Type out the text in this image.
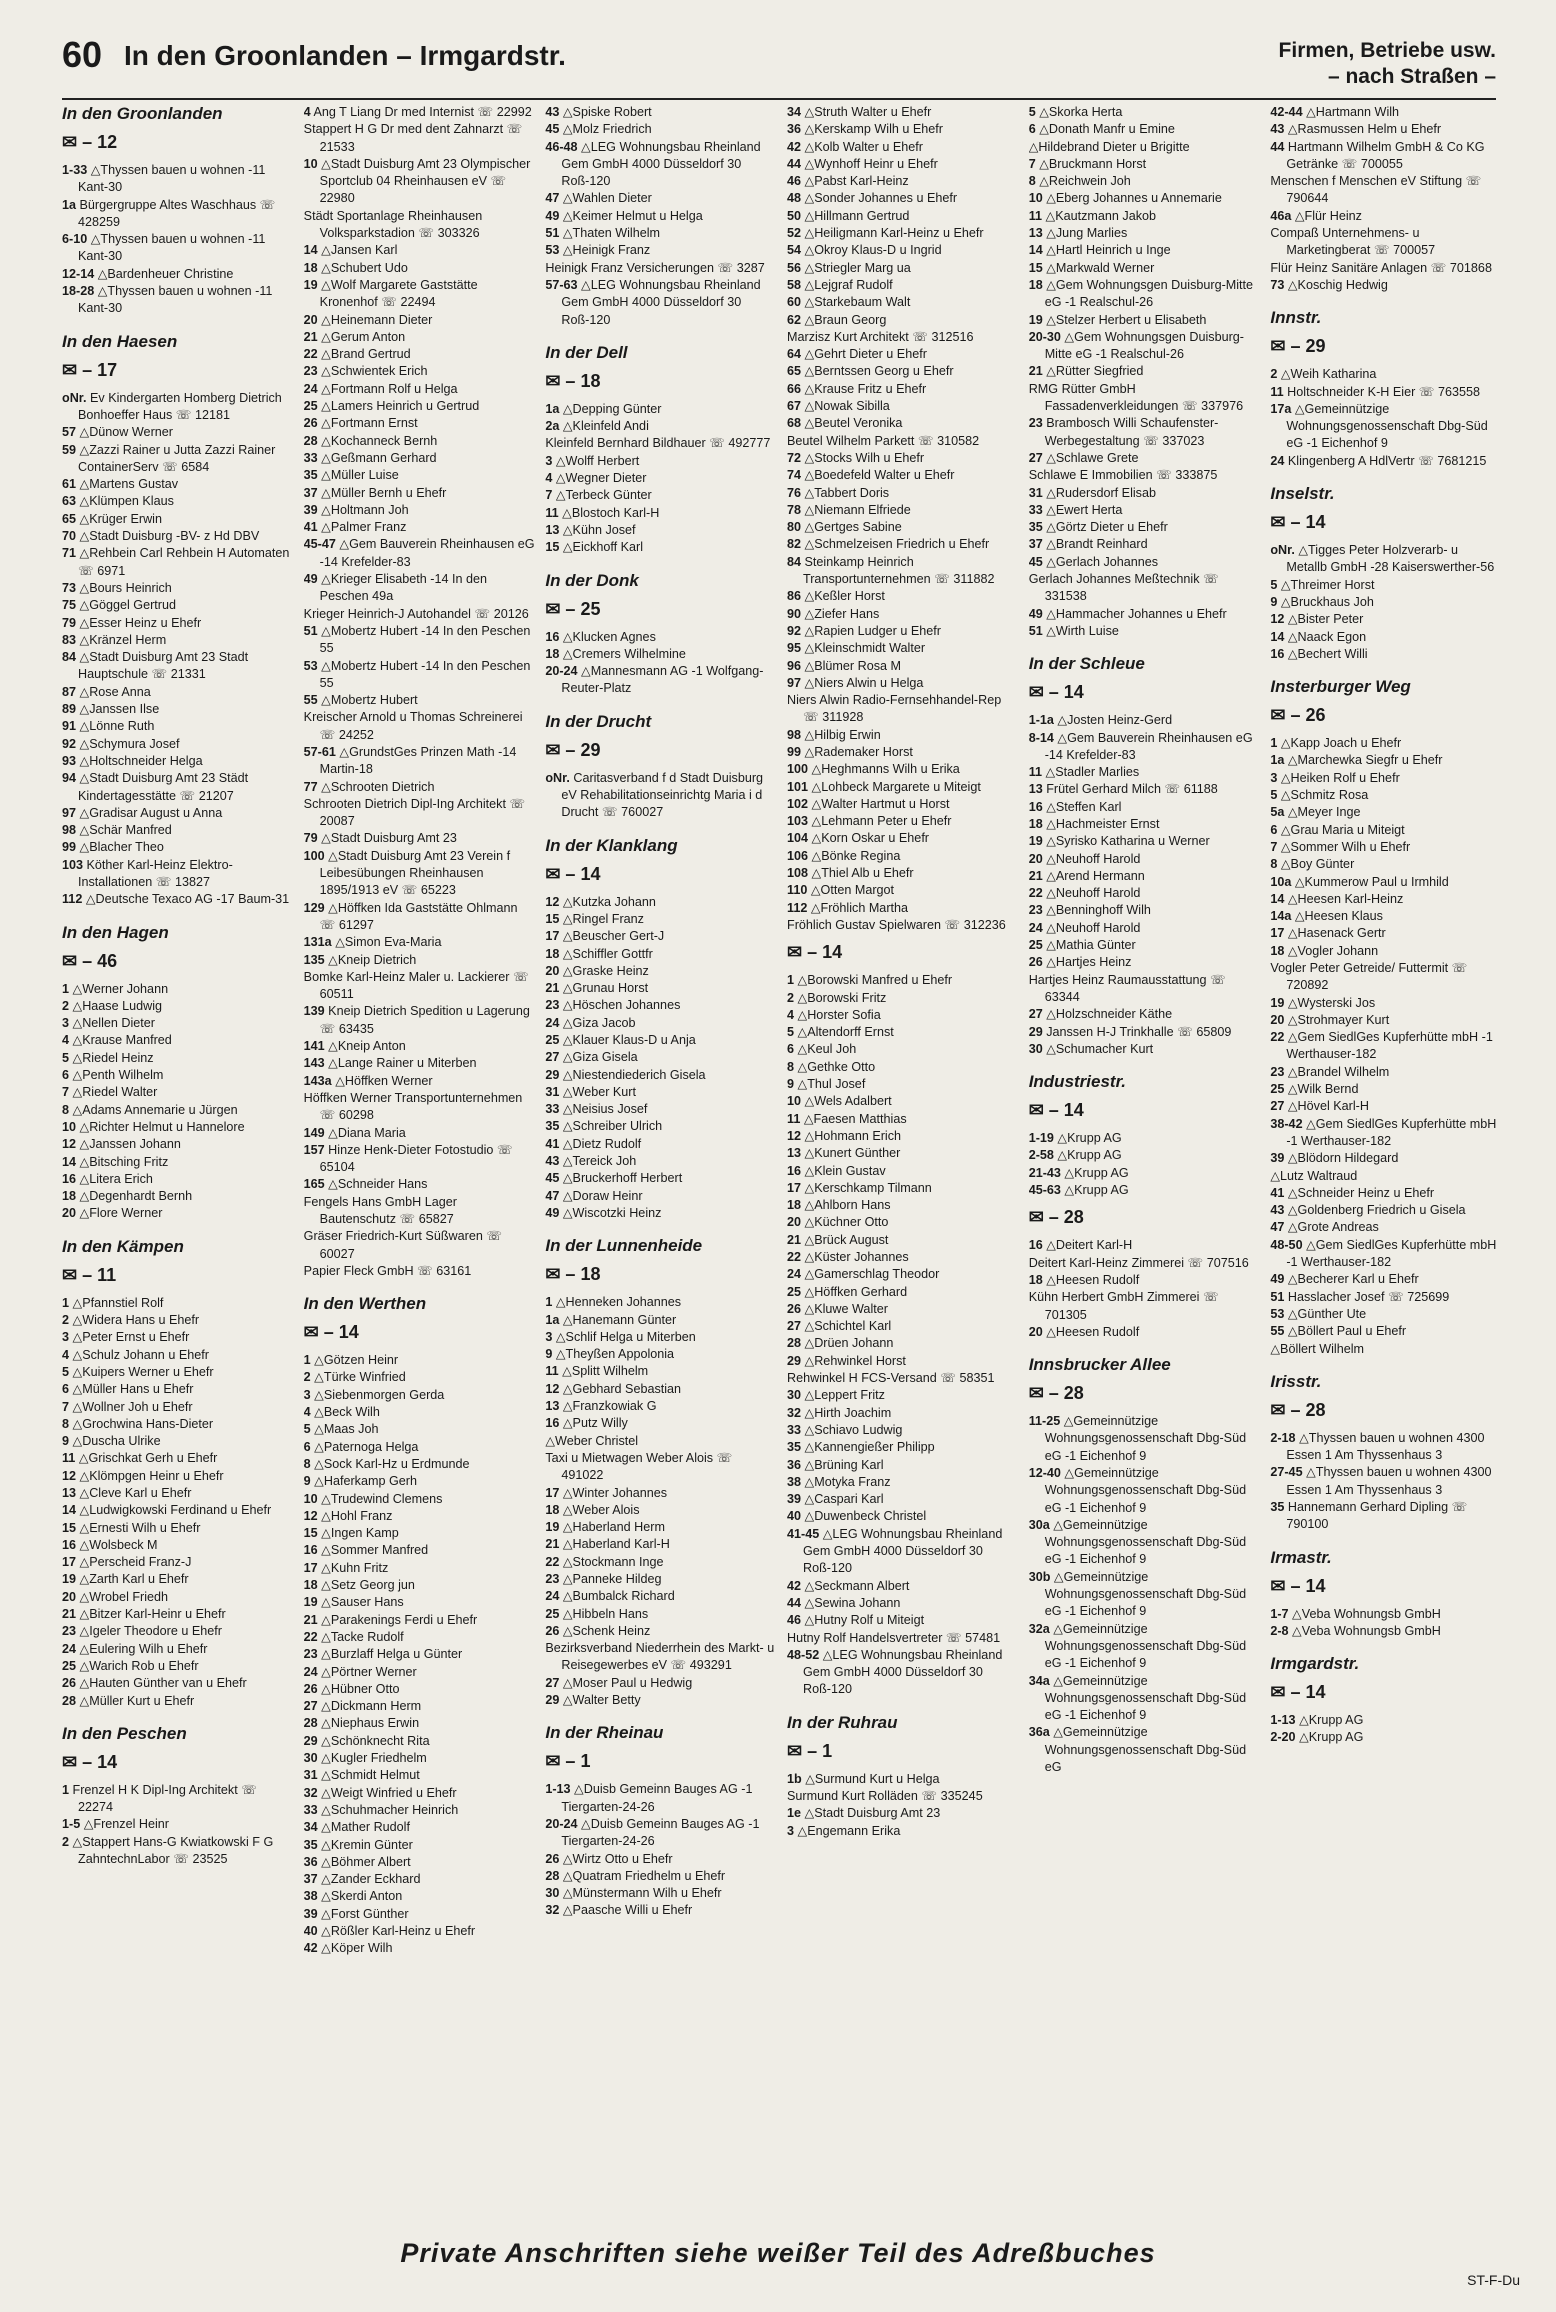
60 In den Groonlanden – Irmgardstr.	Firmen, Betriebe usw.
– nach Straßen –
In den Groonlanden
✉ – 12
1-33 △Thyssen bauen u wohnen -11 Kant-30
1a Bürgergruppe Altes Waschhaus ☏ 428259
6-10 △Thyssen bauen u wohnen -11 Kant-30
12-14 △Bardenheuer Christine
18-28 △Thyssen bauen u wohnen -11 Kant-30
In den Haesen
✉ – 17
oNr. Ev Kindergarten Homberg Dietrich Bonhoeffer Haus ☏ 12181
57 △Dünow Werner
59 △Zazzi Rainer u Jutta Zazzi Rainer ContainerServ ☏ 6584
61 △Martens Gustav
63 △Klümpen Klaus
65 △Krüger Erwin
70 △Stadt Duisburg -BV- z Hd DBV
71 △Rehbein Carl Rehbein H Automaten ☏ 6971
73 △Bours Heinrich
75 △Göggel Gertrud
79 △Esser Heinz u Ehefr
83 △Kränzel Herm
84 △Stadt Duisburg Amt 23 Stadt Hauptschule ☏ 21331
87 △Rose Anna
89 △Janssen Ilse
91 △Lönne Ruth
92 △Schymura Josef
93 △Holtschneider Helga
94 △Stadt Duisburg Amt 23 Städt Kindertagesstätte ☏ 21207
97 △Gradisar August u Anna
98 △Schär Manfred
99 △Blacher Theo
103 Köther Karl-Heinz Elektro-Installationen ☏ 13827
112 △Deutsche Texaco AG -17 Baum-31
In den Hagen
✉ – 46
1 △Werner Johann
2 △Haase Ludwig
3 △Nellen Dieter
4 △Krause Manfred
5 △Riedel Heinz
6 △Penth Wilhelm
7 △Riedel Walter
8 △Adams Annemarie u Jürgen
10 △Richter Helmut u Hannelore
12 △Janssen Johann
14 △Bitsching Fritz
16 △Litera Erich
18 △Degenhardt Bernh
20 △Flore Werner
In den Kämpen
✉ – 11
1 △Pfannstiel Rolf
2 △Widera Hans u Ehefr
3 △Peter Ernst u Ehefr
4 △Schulz Johann u Ehefr
5 △Kuipers Werner u Ehefr
6 △Müller Hans u Ehefr
7 △Wollner Joh u Ehefr
8 △Grochwina Hans-Dieter
9 △Duscha Ulrike
11 △Grischkat Gerh u Ehefr
12 △Klömpgen Heinr u Ehefr
13 △Cleve Karl u Ehefr
14 △Ludwigkowski Ferdinand u Ehefr
15 △Ernesti Wilh u Ehefr
16 △Wolsbeck M
17 △Perscheid Franz-J
19 △Zarth Karl u Ehefr
20 △Wrobel Friedh
21 △Bitzer Karl-Heinr u Ehefr
23 △Igeler Theodore u Ehefr
24 △Eulering Wilh u Ehefr
25 △Warich Rob u Ehefr
26 △Hauten Günther van u Ehefr
28 △Müller Kurt u Ehefr
In den Peschen
✉ – 14
1 Frenzel H K Dipl-Ing Architekt ☏ 22274
1-5 △Frenzel Heinr
2 △Stappert Hans-G Kwiatkowski F G ZahntechnLabor ☏ 23525
4 Ang T Liang Dr med Internist ☏ 22992
Stappert H G Dr med dent Zahnarzt ☏ 21533
10 △Stadt Duisburg Amt 23 Olympischer Sportclub 04 Rheinhausen eV ☏ 22980
Städt Sportanlage Rheinhausen Volksparkstadion ☏ 303326
14 △Jansen Karl
18 △Schubert Udo
19 △Wolf Margarete Gaststätte Kronenhof ☏ 22494
20 △Heinemann Dieter
21 △Gerum Anton
22 △Brand Gertrud
23 △Schwientek Erich
24 △Fortmann Rolf u Helga
25 △Lamers Heinrich u Gertrud
26 △Fortmann Ernst
28 △Kochanneck Bernh
33 △Geßmann Gerhard
35 △Müller Luise
37 △Müller Bernh u Ehefr
39 △Holtmann Joh
41 △Palmer Franz
45-47 △Gem Bauverein Rheinhausen eG -14 Krefelder-83
49 △Krieger Elisabeth -14 In den Peschen 49a
Krieger Heinrich-J Autohandel ☏ 20126
51 △Mobertz Hubert -14 In den Peschen 55
53 △Mobertz Hubert -14 In den Peschen 55
55 △Mobertz Hubert
Kreischer Arnold u Thomas Schreinerei ☏ 24252
57-61 △GrundstGes Prinzen Math -14 Martin-18
77 △Schrooten Dietrich
Schrooten Dietrich Dipl-Ing Architekt ☏ 20087
79 △Stadt Duisburg Amt 23
100 △Stadt Duisburg Amt 23 Verein f Leibesübungen Rheinhausen 1895/1913 eV ☏ 65223
129 △Höffken Ida Gaststätte Ohlmann ☏ 61297
131a △Simon Eva-Maria
135 △Kneip Dietrich
Bomke Karl-Heinz Maler u. Lackierer ☏ 60511
139 Kneip Dietrich Spedition u Lagerung ☏ 63435
141 △Kneip Anton
143 △Lange Rainer u Miterben
143a △Höffken Werner
Höffken Werner Transportunternehmen ☏ 60298
149 △Diana Maria
157 Hinze Henk-Dieter Fotostudio ☏ 65104
165 △Schneider Hans
Fengels Hans GmbH Lager Bautenschutz ☏ 65827
Gräser Friedrich-Kurt Süßwaren ☏ 60027
Papier Fleck GmbH ☏ 63161
In den Werthen
✉ – 14
1 △Götzen Heinr
2 △Türke Winfried
3 △Siebenmorgen Gerda
4 △Beck Wilh
5 △Maas Joh
6 △Paternoga Helga
8 △Sock Karl-Hz u Erdmunde
9 △Haferkamp Gerh
10 △Trudewind Clemens
12 △Hohl Franz
15 △Ingen Kamp
16 △Sommer Manfred
17 △Kuhn Fritz
18 △Setz Georg jun
19 △Sauser Hans
21 △Parakenings Ferdi u Ehefr
22 △Tacke Rudolf
23 △Burzlaff Helga u Günter
24 △Pörtner Werner
26 △Hübner Otto
27 △Dickmann Herm
28 △Niephaus Erwin
29 △Schönknecht Rita
30 △Kugler Friedhelm
31 △Schmidt Helmut
32 △Weigt Winfried u Ehefr
33 △Schuhmacher Heinrich
34 △Mather Rudolf
35 △Kremin Günter
36 △Böhmer Albert
37 △Zander Eckhard
38 △Skerdi Anton
39 △Forst Günther
40 △Rößler Karl-Heinz u Ehefr
42 △Köper Wilh
43 △Spiske Robert
45 △Molz Friedrich
46-48 △LEG Wohnungsbau Rheinland Gem GmbH 4000 Düsseldorf 30 Roß-120
47 △Wahlen Dieter
49 △Keimer Helmut u Helga
51 △Thaten Wilhelm
53 △Heinigk Franz
Heinigk Franz Versicherungen ☏ 3287
57-63 △LEG Wohnungsbau Rheinland Gem GmbH 4000 Düsseldorf 30 Roß-120
In der Dell
✉ – 18
1a △Depping Günter
2a △Kleinfeld Andi
Kleinfeld Bernhard Bildhauer ☏ 492777
3 △Wolff Herbert
4 △Wegner Dieter
7 △Terbeck Günter
11 △Blostoch Karl-H
13 △Kühn Josef
15 △Eickhoff Karl
In der Donk
✉ – 25
16 △Klucken Agnes
18 △Cremers Wilhelmine
20-24 △Mannesmann AG -1 Wolfgang-Reuter-Platz
In der Drucht
✉ – 29
oNr. Caritasverband f d Stadt Duisburg eV Rehabilitationseinrichtg Maria i d Drucht ☏ 760027
In der Klanklang
✉ – 14
12 △Kutzka Johann
15 △Ringel Franz
17 △Beuscher Gert-J
18 △Schiffler Gottfr
20 △Graske Heinz
21 △Grunau Horst
23 △Höschen Johannes
24 △Giza Jacob
25 △Klauer Klaus-D u Anja
27 △Giza Gisela
29 △Niestendiederich Gisela
31 △Weber Kurt
33 △Neisius Josef
35 △Schreiber Ulrich
41 △Dietz Rudolf
43 △Tereick Joh
45 △Bruckerhoff Herbert
47 △Doraw Heinr
49 △Wiscotzki Heinz
In der Lunnenheide
✉ – 18
1 △Henneken Johannes
1a △Hanemann Günter
3 △Schlif Helga u Miterben
9 △Theyßen Appolonia
11 △Splitt Wilhelm
12 △Gebhard Sebastian
13 △Franzkowiak G
16 △Putz Willy
△Weber Christel
Taxi u Mietwagen Weber Alois ☏ 491022
17 △Winter Johannes
18 △Weber Alois
19 △Haberland Herm
21 △Haberland Karl-H
22 △Stockmann Inge
23 △Panneke Hildeg
24 △Bumbalck Richard
25 △Hibbeln Hans
26 △Schenk Heinz
Bezirksverband Niederrhein des Markt- u Reisegewerbes eV ☏ 493291
27 △Moser Paul u Hedwig
29 △Walter Betty
In der Rheinau
✉ – 1
1-13 △Duisb Gemeinn Bauges AG -1 Tiergarten-24-26
20-24 △Duisb Gemeinn Bauges AG -1 Tiergarten-24-26
26 △Wirtz Otto u Ehefr
28 △Quatram Friedhelm u Ehefr
30 △Münstermann Wilh u Ehefr
32 △Paasche Willi u Ehefr
34 △Struth Walter u Ehefr
36 △Kerskamp Wilh u Ehefr
42 △Kolb Walter u Ehefr
44 △Wynhoff Heinr u Ehefr
46 △Pabst Karl-Heinz
48 △Sonder Johannes u Ehefr
50 △Hillmann Gertrud
52 △Heiligmann Karl-Heinz u Ehefr
54 △Okroy Klaus-D u Ingrid
56 △Striegler Marg ua
58 △Lejgraf Rudolf
60 △Starkebaum Walt
62 △Braun Georg
Marzisz Kurt Architekt ☏ 312516
64 △Gehrt Dieter u Ehefr
65 △Berntssen Georg u Ehefr
66 △Krause Fritz u Ehefr
67 △Nowak Sibilla
68 △Beutel Veronika
Beutel Wilhelm Parkett ☏ 310582
72 △Stocks Wilh u Ehefr
74 △Boedefeld Walter u Ehefr
76 △Tabbert Doris
78 △Niemann Elfriede
80 △Gertges Sabine
82 △Schmelzeisen Friedrich u Ehefr
84 Steinkamp Heinrich Transportunternehmen ☏ 311882
86 △Keßler Horst
90 △Ziefer Hans
92 △Rapien Ludger u Ehefr
95 △Kleinschmidt Walter
96 △Blümer Rosa M
97 △Niers Alwin u Helga
Niers Alwin Radio-Fernsehhandel-Rep ☏ 311928
98 △Hilbig Erwin
99 △Rademaker Horst
100 △Heghmanns Wilh u Erika
101 △Lohbeck Margarete u Miteigt
102 △Walter Hartmut u Horst
103 △Lehmann Peter u Ehefr
104 △Korn Oskar u Ehefr
106 △Bönke Regina
108 △Thiel Alb u Ehefr
110 △Otten Margot
112 △Fröhlich Martha
Fröhlich Gustav Spielwaren ☏ 312236
✉ – 14
1 △Borowski Manfred u Ehefr
2 △Borowski Fritz
4 △Horster Sofia
5 △Altendorff Ernst
6 △Keul Joh
8 △Gethke Otto
9 △Thul Josef
10 △Wels Adalbert
11 △Faesen Matthias
12 △Hohmann Erich
13 △Kunert Günther
16 △Klein Gustav
17 △Kerschkamp Tilmann
18 △Ahlborn Hans
20 △Küchner Otto
21 △Brück August
22 △Küster Johannes
24 △Gamerschlag Theodor
25 △Höffken Gerhard
26 △Kluwe Walter
27 △Schichtel Karl
28 △Drüen Johann
29 △Rehwinkel Horst
Rehwinkel H FCS-Versand ☏ 58351
30 △Leppert Fritz
32 △Hirth Joachim
33 △Schiavo Ludwig
35 △Kannengießer Philipp
36 △Brüning Karl
38 △Motyka Franz
39 △Caspari Karl
40 △Duwenbeck Christel
41-45 △LEG Wohnungsbau Rheinland Gem GmbH 4000 Düsseldorf 30 Roß-120
42 △Seckmann Albert
44 △Sewina Johann
46 △Hutny Rolf u Miteigt
Hutny Rolf Handelsvertreter ☏ 57481
48-52 △LEG Wohnungsbau Rheinland Gem GmbH 4000 Düsseldorf 30 Roß-120
In der Ruhrau
✉ – 1
1b △Surmund Kurt u Helga
Surmund Kurt Rolläden ☏ 335245
1e △Stadt Duisburg Amt 23
3 △Engemann Erika
5 △Skorka Herta
6 △Donath Manfr u Emine
△Hildebrand Dieter u Brigitte
7 △Bruckmann Horst
8 △Reichwein Joh
10 △Eberg Johannes u Annemarie
11 △Kautzmann Jakob
13 △Jung Marlies
14 △Hartl Heinrich u Inge
15 △Markwald Werner
18 △Gem Wohnungsgen Duisburg-Mitte eG -1 Realschul-26
19 △Stelzer Herbert u Elisabeth
20-30 △Gem Wohnungsgen Duisburg-Mitte eG -1 Realschul-26
21 △Rütter Siegfried
RMG Rütter GmbH Fassadenverkleidungen ☏ 337976
23 Brambosch Willi Schaufenster-Werbegestaltung ☏ 337023
27 △Schlawe Grete
Schlawe E Immobilien ☏ 333875
31 △Rudersdorf Elisab
33 △Ewert Herta
35 △Görtz Dieter u Ehefr
37 △Brandt Reinhard
45 △Gerlach Johannes
Gerlach Johannes Meßtechnik ☏ 331538
49 △Hammacher Johannes u Ehefr
51 △Wirth Luise
In der Schleue
✉ – 14
1-1a △Josten Heinz-Gerd
8-14 △Gem Bauverein Rheinhausen eG -14 Krefelder-83
11 △Stadler Marlies
13 Frütel Gerhard Milch ☏ 61188
16 △Steffen Karl
18 △Hachmeister Ernst
19 △Syrisko Katharina u Werner
20 △Neuhoff Harold
21 △Arend Hermann
22 △Neuhoff Harold
23 △Benninghoff Wilh
24 △Neuhoff Harold
25 △Mathia Günter
26 △Hartjes Heinz
Hartjes Heinz Raumausstattung ☏ 63344
27 △Holzschneider Käthe
29 Janssen H-J Trinkhalle ☏ 65809
30 △Schumacher Kurt
Industriestr.
✉ – 14
1-19 △Krupp AG
2-58 △Krupp AG
21-43 △Krupp AG
45-63 △Krupp AG
✉ – 28
16 △Deitert Karl-H
Deitert Karl-Heinz Zimmerei ☏ 707516
18 △Heesen Rudolf
Kühn Herbert GmbH Zimmerei ☏ 701305
20 △Heesen Rudolf
Innsbrucker Allee
✉ – 28
11-25 △Gemeinnützige Wohnungsgenossenschaft Dbg-Süd eG -1 Eichenhof 9
12-40 △Gemeinnützige Wohnungsgenossenschaft Dbg-Süd eG -1 Eichenhof 9
30a △Gemeinnützige Wohnungsgenossenschaft Dbg-Süd eG -1 Eichenhof 9
30b △Gemeinnützige Wohnungsgenossenschaft Dbg-Süd eG -1 Eichenhof 9
32a △Gemeinnützige Wohnungsgenossenschaft Dbg-Süd eG -1 Eichenhof 9
34a △Gemeinnützige Wohnungsgenossenschaft Dbg-Süd eG -1 Eichenhof 9
36a △Gemeinnützige Wohnungsgenossenschaft Dbg-Süd eG
42-44 △Hartmann Wilh
43 △Rasmussen Helm u Ehefr
44 Hartmann Wilhelm GmbH & Co KG Getränke ☏ 700055
Menschen f Menschen eV Stiftung ☏ 790644
46a △Flür Heinz
Compaß Unternehmens- u Marketingberat ☏ 700057
Flür Heinz Sanitäre Anlagen ☏ 701868
73 △Koschig Hedwig
Innstr.
✉ – 29
2 △Weih Katharina
11 Holtschneider K-H Eier ☏ 763558
17a △Gemeinnützige Wohnungsgenossenschaft Dbg-Süd eG -1 Eichenhof 9
24 Klingenberg A HdlVertr ☏ 7681215
Inselstr.
✉ – 14
oNr. △Tigges Peter Holzverarb- u Metallb GmbH -28 Kaiserswerther-56
5 △Threimer Horst
9 △Bruckhaus Joh
12 △Bister Peter
14 △Naack Egon
16 △Bechert Willi
Insterburger Weg
✉ – 26
1 △Kapp Joach u Ehefr
1a △Marchewka Siegfr u Ehefr
3 △Heiken Rolf u Ehefr
5 △Schmitz Rosa
5a △Meyer Inge
6 △Grau Maria u Miteigt
7 △Sommer Wilh u Ehefr
8 △Boy Günter
10a △Kummerow Paul u Irmhild
14 △Heesen Karl-Heinz
14a △Heesen Klaus
17 △Hasenack Gertr
18 △Vogler Johann
Vogler Peter Getreide/ Futtermit ☏ 720892
19 △Wysterski Jos
20 △Strohmayer Kurt
22 △Gem SiedlGes Kupferhütte mbH -1 Werthauser-182
23 △Brandel Wilhelm
25 △Wilk Bernd
27 △Hövel Karl-H
38-42 △Gem SiedlGes Kupferhütte mbH -1 Werthauser-182
39 △Blödorn Hildegard
△Lutz Waltraud
41 △Schneider Heinz u Ehefr
43 △Goldenberg Friedrich u Gisela
47 △Grote Andreas
48-50 △Gem SiedlGes Kupferhütte mbH -1 Werthauser-182
49 △Becherer Karl u Ehefr
51 Hasslacher Josef ☏ 725699
53 △Günther Ute
55 △Böllert Paul u Ehefr
△Böllert Wilhelm
Irisstr.
✉ – 28
2-18 △Thyssen bauen u wohnen 4300 Essen 1 Am Thyssenhaus 3
27-45 △Thyssen bauen u wohnen 4300 Essen 1 Am Thyssenhaus 3
35 Hannemann Gerhard Dipling ☏ 790100
Irmastr.
✉ – 14
1-7 △Veba Wohnungsb GmbH
2-8 △Veba Wohnungsb GmbH
Irmgardstr.
✉ – 14
1-13 △Krupp AG
2-20 △Krupp AG
Private Anschriften siehe weißer Teil des Adreßbuches
ST-F-Du
